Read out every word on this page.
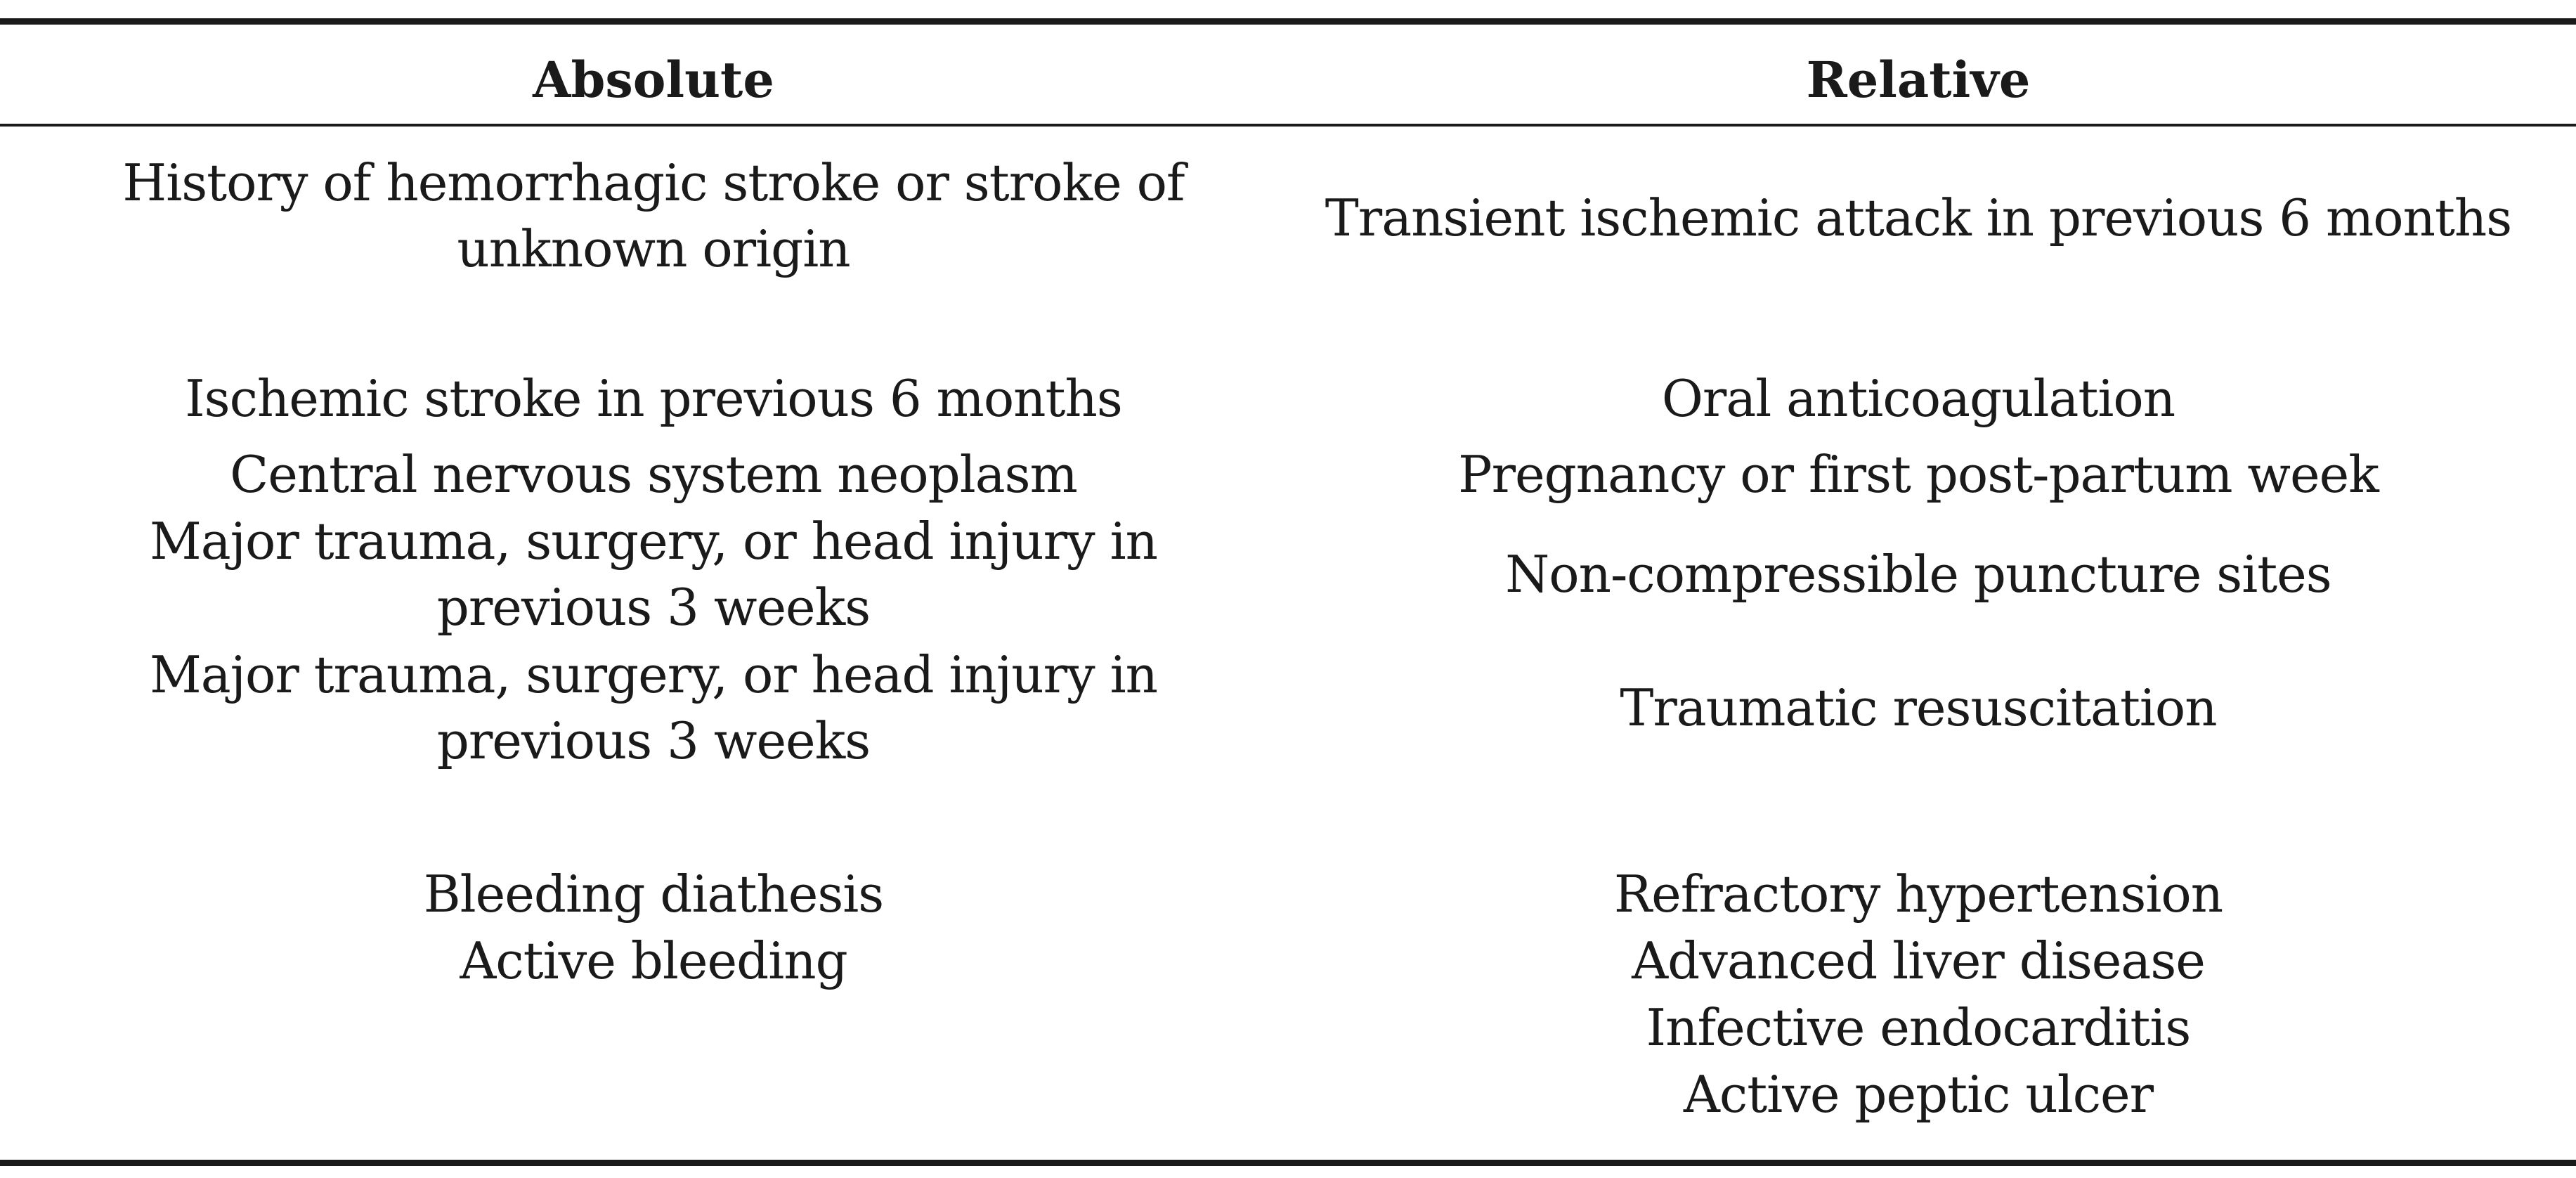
Absolute	Relative
History of hemorrhagic stroke or stroke of
unknown origin
Ischemic stroke in previous 6 months
Central nervous system neoplasm
Major trauma, surgery, or head injury in
previous 3 weeks
Major trauma, surgery, or head injury in
previous 3 weeks
Bleeding diathesis
Active bleeding
Transient ischemic attack in previous 6 months
Oral anticoagulation
Pregnancy or first post-partum week
Non-compressible puncture sites
Traumatic resuscitation
Refractory hypertension
Advanced liver disease
Infective endocarditis
Active peptic ulcer
